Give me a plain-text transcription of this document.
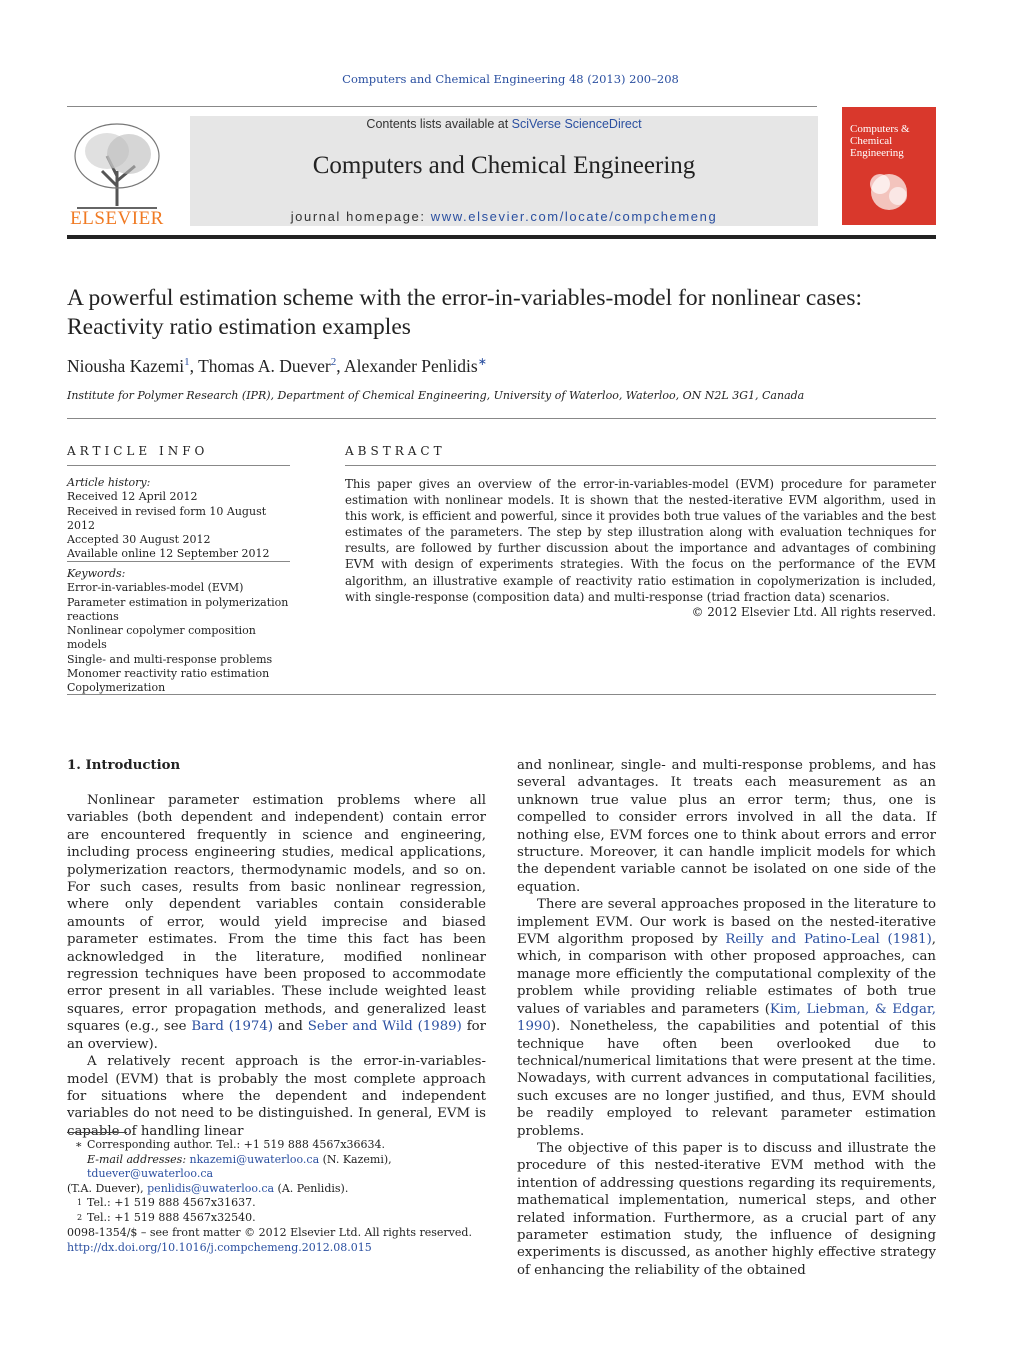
Computers and Chemical Engineering 48 (2013) 200–208
ELSEVIER
Contents lists available at SciVerse ScienceDirect
Computers and Chemical Engineering
journal homepage: www.elsevier.com/locate/compchemeng
Computers & Chemical Engineering
A powerful estimation scheme with the error-in-variables-model for nonlinear cases: Reactivity ratio estimation examples
Niousha Kazemi$^1$, Thomas A. Duever$^2$, Alexander Penlidis∗
Institute for Polymer Research (IPR), Department of Chemical Engineering, University of Waterloo, Waterloo, ON N2L 3G1, Canada
ARTICLE INFO
Article history:
Received 12 April 2012
Received in revised form 10 August 2012
Accepted 30 August 2012
Available online 12 September 2012
Keywords:
Error-in-variables-model (EVM)
Parameter estimation in polymerization
reactions
Nonlinear copolymer composition models
Single- and multi-response problems
Monomer reactivity ratio estimation
Copolymerization
ABSTRACT
This paper gives an overview of the error-in-variables-model (EVM) procedure for parameter estimation with nonlinear models. It is shown that the nested-iterative EVM algorithm, used in this work, is efficient and powerful, since it provides both true values of the variables and the best estimates of the parameters. The step by step illustration along with evaluation techniques for results, are followed by further discussion about the importance and advantages of combining EVM with design of experiments strategies. With the focus on the performance of the EVM algorithm, an illustrative example of reactivity ratio estimation in copolymerization is included, with single-response (composition data) and multi-response (triad fraction data) scenarios.
© 2012 Elsevier Ltd. All rights reserved.
1. Introduction

Nonlinear parameter estimation problems where all variables (both dependent and independent) contain error are encountered frequently in science and engineering, including process engineering studies, medical applications, polymerization reactors, thermodynamic models, and so on. For such cases, results from basic nonlinear regression, where only dependent variables contain considerable amounts of error, would yield imprecise and biased parameter estimates. From the time this fact has been acknowledged in the literature, modified nonlinear regression techniques have been proposed to accommodate error present in all variables. These include weighted least squares, error propagation methods, and generalized least squares (e.g., see Bard (1974) and Seber and Wild (1989) for an overview).

A relatively recent approach is the error-in-variables-model (EVM) that is probably the most complete approach for situations where the dependent and independent variables do not need to be distinguished. In general, EVM is capable of handling linear

and nonlinear, single- and multi-response problems, and has several advantages. It treats each measurement as an unknown true value plus an error term; thus, one is compelled to consider errors involved in all the data. If nothing else, EVM forces one to think about errors and error structure. Moreover, it can handle implicit models for which the dependent variable cannot be isolated on one side of the equation.

There are several approaches proposed in the literature to implement EVM. Our work is based on the nested-iterative EVM algorithm proposed by Reilly and Patino-Leal (1981), which, in comparison with other proposed approaches, can manage more efficiently the computational complexity of the problem while providing reliable estimates of both true values of variables and parameters (Kim, Liebman, & Edgar, 1990). Nonetheless, the capabilities and potential of this technique have often been overlooked due to technical/numerical limitations that were present at the time. Nowadays, with current advances in computational facilities, such excuses are no longer justified, and thus, EVM should be readily employed to relevant parameter estimation problems.

The objective of this paper is to discuss and illustrate the procedure of this nested-iterative EVM method with the intention of addressing questions regarding its requirements, mathematical implementation, numerical steps, and other related information. Furthermore, as a crucial part of any parameter estimation study, the influence of designing experiments is discussed, as another highly effective strategy of enhancing the reliability of the obtained

∗ Corresponding author. Tel.: +1 519 888 4567x36634.
E-mail addresses: nkazemi@uwaterloo.ca (N. Kazemi), tduever@uwaterloo.ca
(T.A. Duever), penlidis@uwaterloo.ca (A. Penlidis).
1 Tel.: +1 519 888 4567x31637.
2 Tel.: +1 519 888 4567x32540.
0098-1354/$ – see front matter © 2012 Elsevier Ltd. All rights reserved.
http://dx.doi.org/10.1016/j.compchemeng.2012.08.015
